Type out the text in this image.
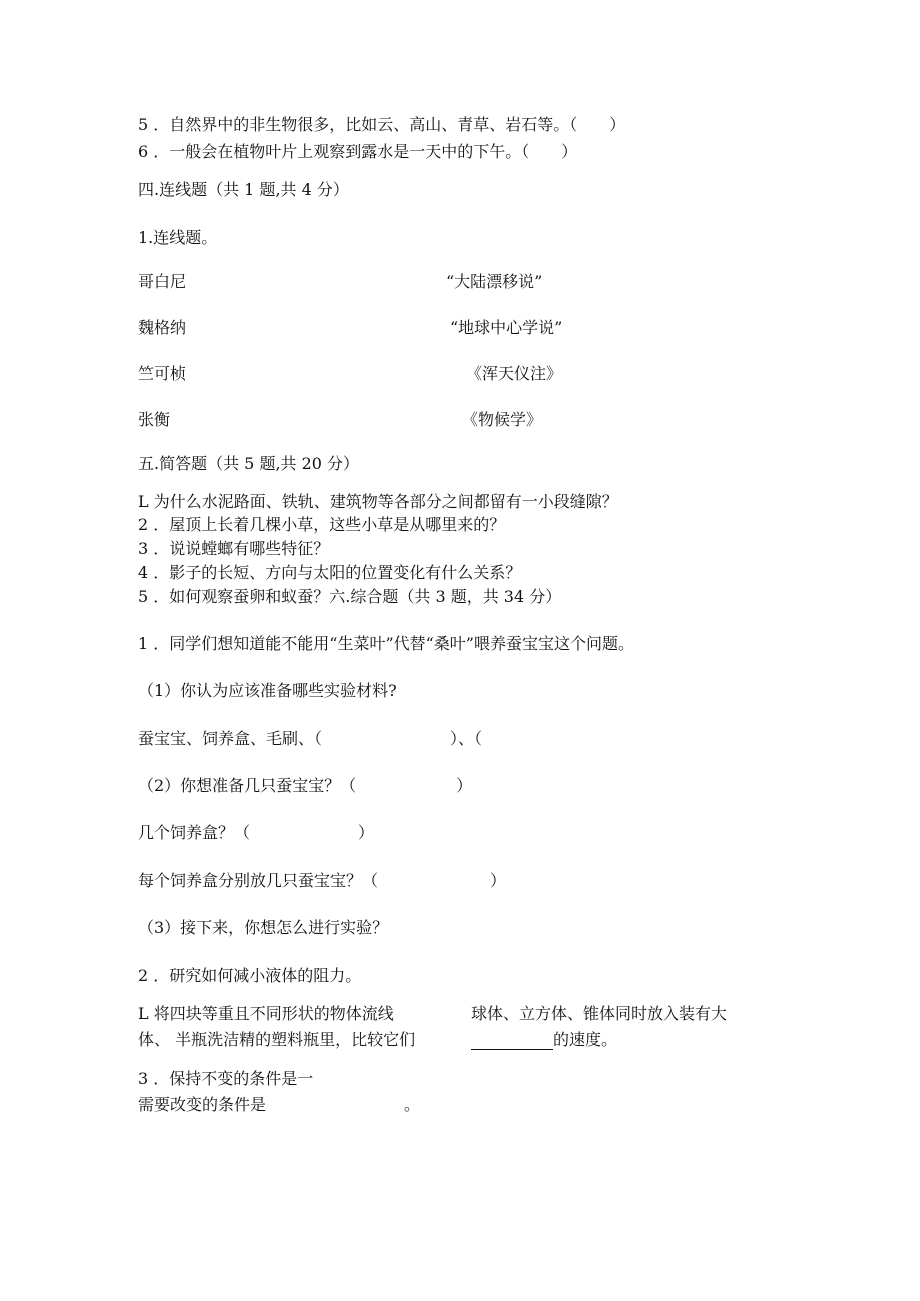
5 ．自然界中的非生物很多，比如云、高山、青草、岩石等。（　　）
6 ．一般会在植物叶片上观察到露水是一天中的下午。（　　）
四.连线题（共 1 题,共 4 分）
1.连线题。
哥白尼	“大陆漂移说”
魏格纳	“地球中心学说”
竺可桢	《浑天仪注》
张衡	《物候学》
五.简答题（共 5 题,共 20 分）
L 为什么水泥路面、铁轨、建筑物等各部分之间都留有一小段缝隙？
2 ．屋顶上长着几棵小草，这些小草是从哪里来的？
3 ．说说螳螂有哪些特征？
4 ．影子的长短、方向与太阳的位置变化有什么关系？
5 ．如何观察蚕卵和蚁蚕？六.综合题（共 3 题，共 34 分）
1 ．同学们想知道能不能用“生菜叶”代替“桑叶”喂养蚕宝宝这个问题。
（1）你认为应该准备哪些实验材料?
蚕宝宝、饲养盒、毛刷、（	）、（
（2）你想准备几只蚕宝宝？（	）
几个饲养盒？（	）
每个饲养盒分别放几只蚕宝宝？（	）
（3）接下来，你想怎么进行实验？
2 ．研究如何减小液体的阻力。
L 将四块等重且不同形状的物体流线	球体、立方体、锥体同时放入装有大
体、 半瓶洗洁精的塑料瓶里，比较它们	的速度。
3 ．保持不变的条件是一
需要改变的条件是	。
